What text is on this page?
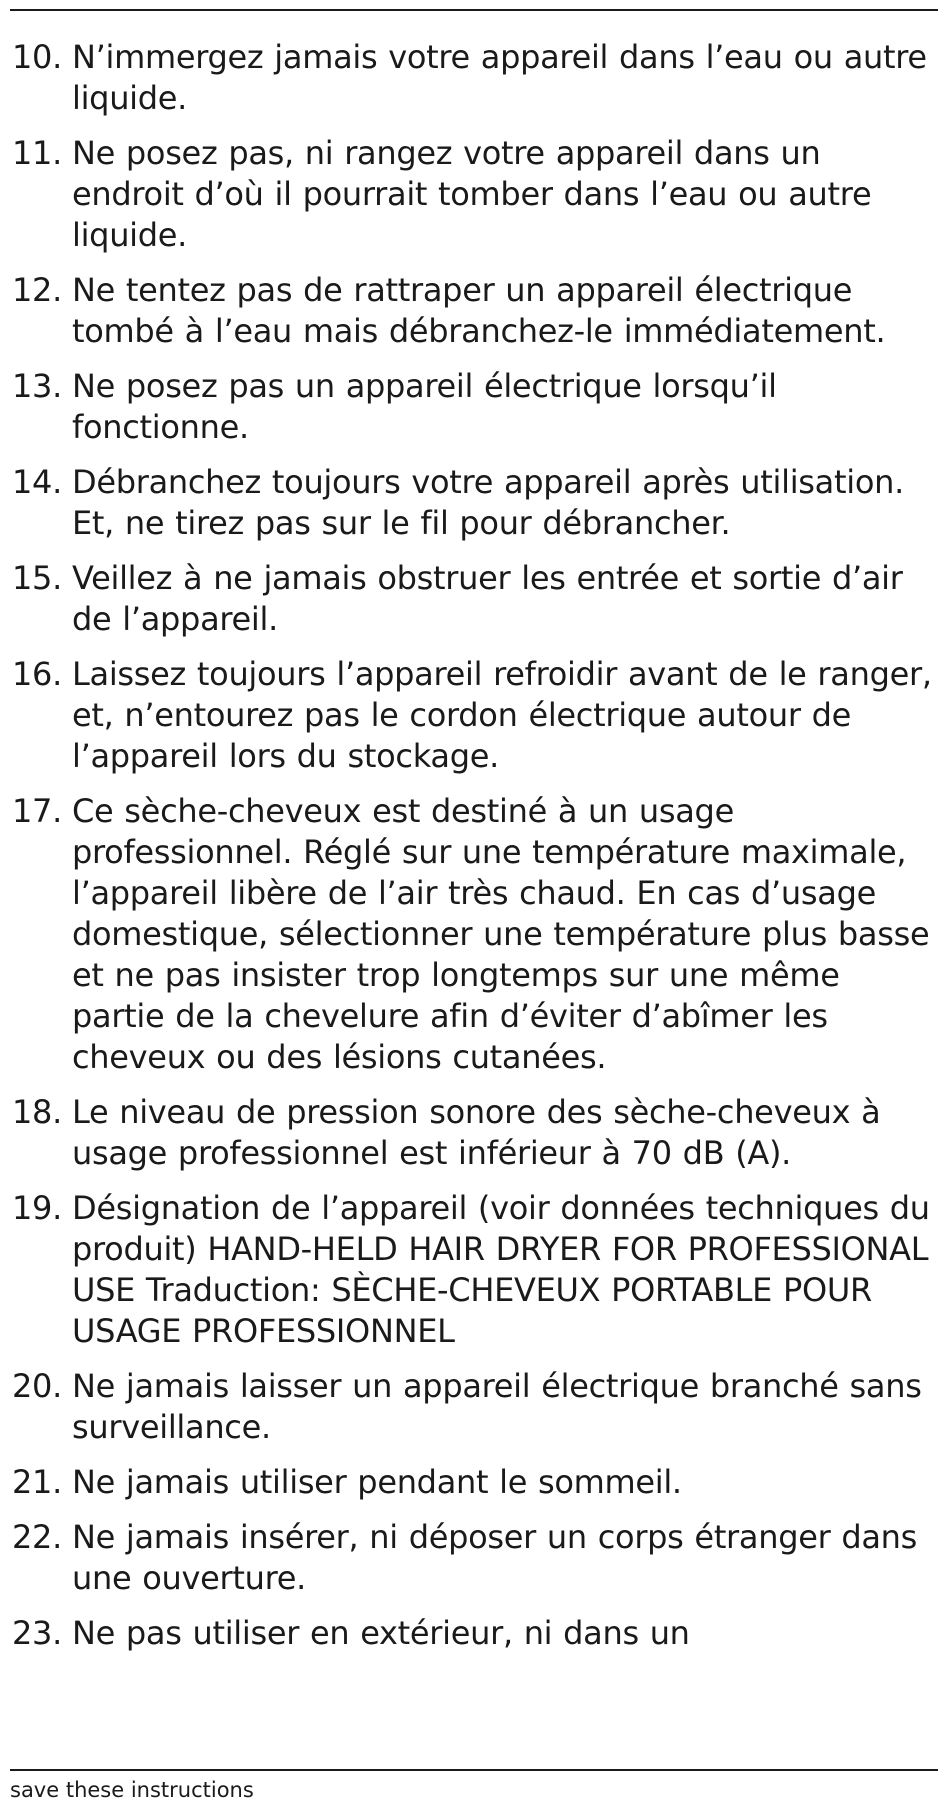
10. N’immergez jamais votre appareil dans l’eau ou autre liquide.
11. Ne posez pas, ni rangez votre appareil dans un endroit d’où il pourrait tomber dans l’eau ou autre liquide.
12. Ne tentez pas de rattraper un appareil électrique tombé à l’eau mais débranchez-le immédiatement.
13. Ne posez pas un appareil électrique lorsqu’il fonctionne.
14. Débranchez toujours votre appareil après utilisation. Et, ne tirez pas sur le fil pour débrancher.
15. Veillez à ne jamais obstruer les entrée et sortie d’air de l’appareil.
16. Laissez toujours l’appareil refroidir avant de le ranger, et, n’entourez pas le cordon électrique autour de l’appareil lors du stockage.
17. Ce sèche-cheveux est destiné à un usage professionnel. Réglé sur une température maximale, l’appareil libère de l’air très chaud. En cas d’usage domestique, sélectionner une température plus basse et ne pas insister trop longtemps sur une même partie de la chevelure afin d’éviter d’abîmer les cheveux ou des lésions cutanées.
18. Le niveau de pression sonore des sèche-cheveux à usage professionnel est inférieur à 70 dB (A).
19. Désignation de l’appareil (voir données techniques du produit) HAND-HELD HAIR DRYER FOR PROFESSIONAL USE Traduction: SÈCHE-CHEVEUX PORTABLE POUR USAGE PROFESSIONNEL
20. Ne jamais laisser un appareil électrique branché sans surveillance.
21. Ne jamais utiliser pendant le sommeil.
22. Ne jamais insérer, ni déposer un corps étranger dans une ouverture.
23. Ne pas utiliser en extérieur, ni dans un
save these instructions
